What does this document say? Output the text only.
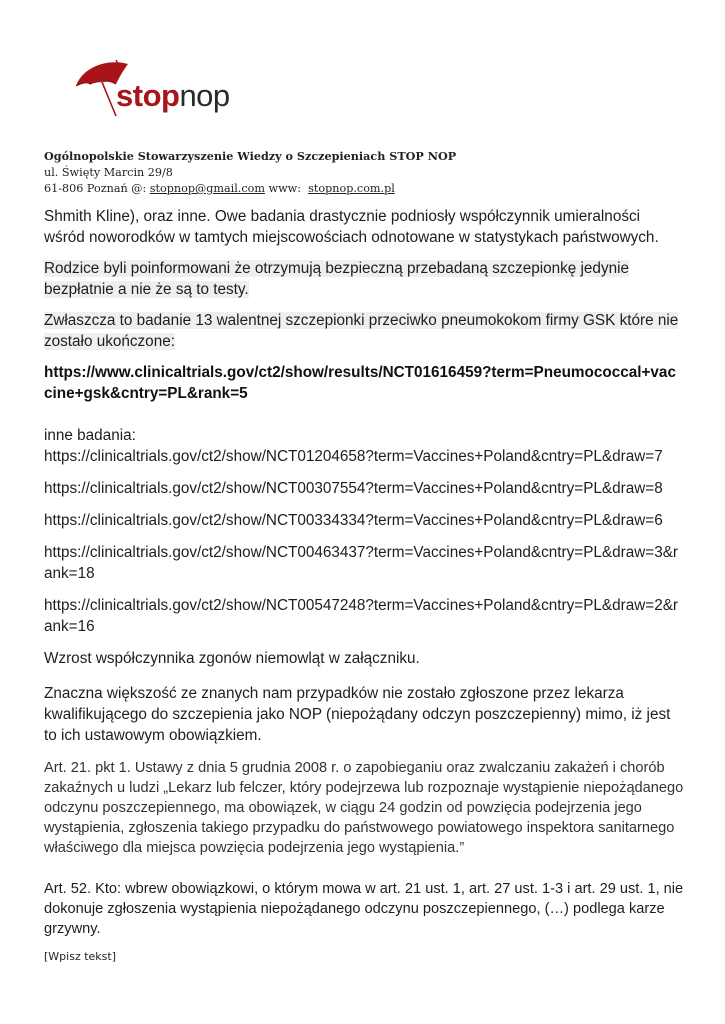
stopnop
Ogólnopolskie Stowarzyszenie Wiedzy o Szczepieniach STOP NOP
ul. Święty Marcin 29/8
61-806 Poznań @: stopnop@gmail.com www:  stopnop.com.pl

Shmith Kline), oraz inne. Owe badania drastycznie podniosły współczynnik umieralności wśród noworodków w tamtych miejscowościach odnotowane w statystykach państwowych.

Rodzice byli poinformowani że otrzymują bezpieczną przebadaną szczepionkę jedynie bezpłatnie a nie że są to testy.

Zwłaszcza to badanie 13 walentnej szczepionki przeciwko pneumokokom firmy GSK które nie zostało ukończone:

https://www.clinicaltrials.gov/ct2/show/results/NCT01616459?term=Pneumococcal+vaccine+gsk&cntry=PL&rank=5

inne badania:

https://clinicaltrials.gov/ct2/show/NCT01204658?term=Vaccines+Poland&cntry=PL&draw=7

https://clinicaltrials.gov/ct2/show/NCT00307554?term=Vaccines+Poland&cntry=PL&draw=8

https://clinicaltrials.gov/ct2/show/NCT00334334?term=Vaccines+Poland&cntry=PL&draw=6

https://clinicaltrials.gov/ct2/show/NCT00463437?term=Vaccines+Poland&cntry=PL&draw=3&rank=18

https://clinicaltrials.gov/ct2/show/NCT00547248?term=Vaccines+Poland&cntry=PL&draw=2&rank=16

Wzrost współczynnika zgonów niemowląt w załączniku.

Znaczna większość ze znanych nam przypadków nie zostało zgłoszone przez lekarza kwalifikującego do szczepienia jako NOP (niepożądany odczyn poszczepienny) mimo, iż jest to ich ustawowym obowiązkiem.

Art. 21. pkt 1. Ustawy z dnia 5 grudnia 2008 r. o zapobieganiu oraz zwalczaniu zakażeń i chorób zakaźnych u ludzi „Lekarz lub felczer, który podejrzewa lub rozpoznaje wystąpienie niepożądanego odczynu poszczepiennego, ma obowiązek, w ciągu 24 godzin od powzięcia podejrzenia jego wystąpienia, zgłoszenia takiego przypadku do państwowego powiatowego inspektora sanitarnego właściwego dla miejsca powzięcia podejrzenia jego wystąpienia.”

Art. 52. Kto: wbrew obowiązkowi, o którym mowa w art. 21 ust. 1, art. 27 ust. 1-3 i art. 29 ust. 1, nie dokonuje zgłoszenia wystąpienia niepożądanego odczynu poszczepiennego, (…) podlega karze grzywny.

[Wpisz tekst]
